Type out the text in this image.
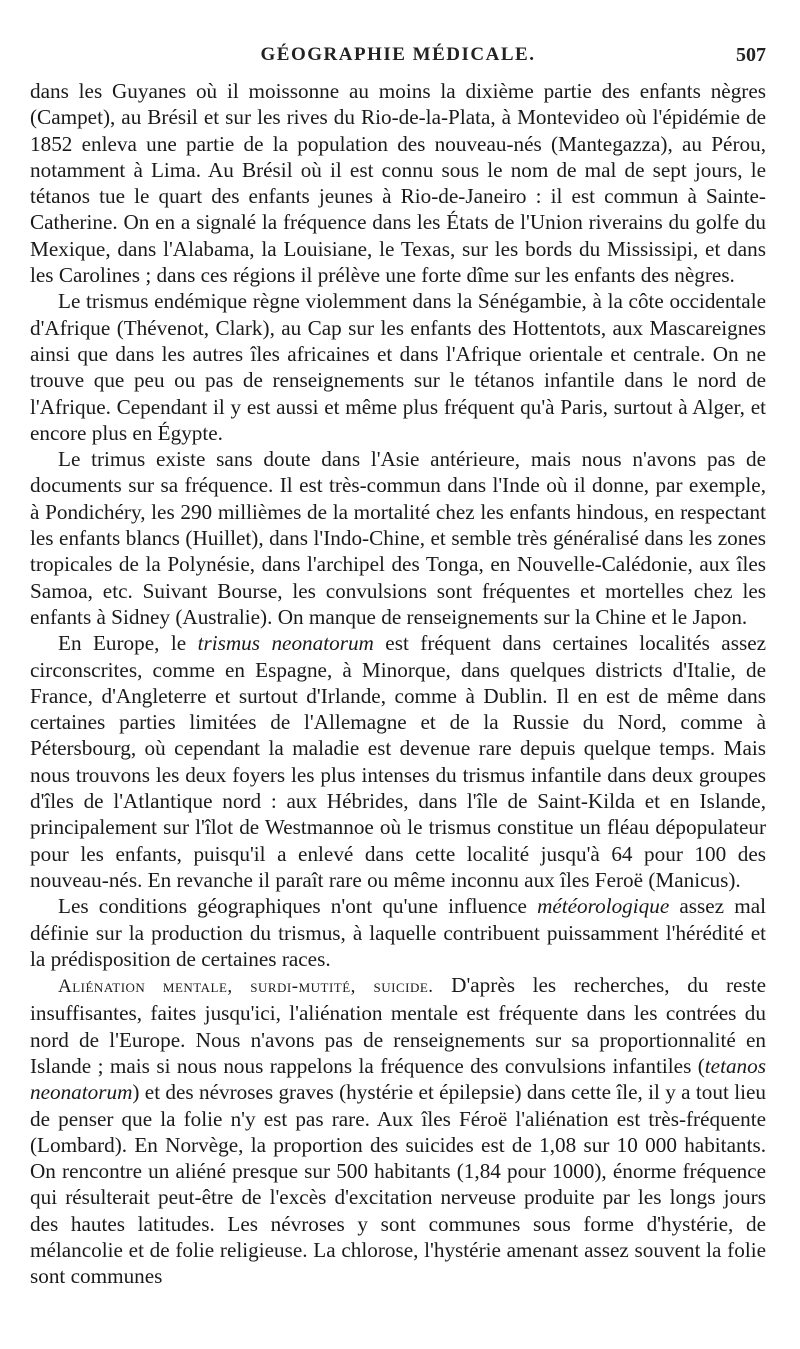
GÉOGRAPHIE MÉDICALE.	507

dans les Guyanes où il moissonne au moins la dixième partie des enfants nègres (Campet), au Brésil et sur les rives du Rio-de-la-Plata, à Montevideo où l'épidémie de 1852 enleva une partie de la population des nouveau-nés (Mantegazza), au Pérou, notamment à Lima. Au Brésil où il est connu sous le nom de mal de sept jours, le tétanos tue le quart des enfants jeunes à Rio-de-Janeiro : il est commun à Sainte-Catherine. On en a signalé la fréquence dans les États de l'Union riverains du golfe du Mexique, dans l'Alabama, la Louisiane, le Texas, sur les bords du Mississipi, et dans les Carolines ; dans ces régions il prélève une forte dîme sur les enfants des nègres.

Le trismus endémique règne violemment dans la Sénégambie, à la côte occidentale d'Afrique (Thévenot, Clark), au Cap sur les enfants des Hottentots, aux Mascareignes ainsi que dans les autres îles africaines et dans l'Afrique orientale et centrale. On ne trouve que peu ou pas de renseignements sur le tétanos infantile dans le nord de l'Afrique. Cependant il y est aussi et même plus fréquent qu'à Paris, surtout à Alger, et encore plus en Égypte.

Le trimus existe sans doute dans l'Asie antérieure, mais nous n'avons pas de documents sur sa fréquence. Il est très-commun dans l'Inde où il donne, par exemple, à Pondichéry, les 290 millièmes de la mortalité chez les enfants hindous, en respectant les enfants blancs (Huillet), dans l'Indo-Chine, et semble très généralisé dans les zones tropicales de la Polynésie, dans l'archipel des Tonga, en Nouvelle-Calédonie, aux îles Samoa, etc. Suivant Bourse, les convulsions sont fréquentes et mortelles chez les enfants à Sidney (Australie). On manque de renseignements sur la Chine et le Japon.

En Europe, le trismus neonatorum est fréquent dans certaines localités assez circonscrites, comme en Espagne, à Minorque, dans quelques districts d'Italie, de France, d'Angleterre et surtout d'Irlande, comme à Dublin. Il en est de même dans certaines parties limitées de l'Allemagne et de la Russie du Nord, comme à Pétersbourg, où cependant la maladie est devenue rare depuis quelque temps. Mais nous trouvons les deux foyers les plus intenses du trismus infantile dans deux groupes d'îles de l'Atlantique nord : aux Hébrides, dans l'île de Saint-Kilda et en Islande, principalement sur l'îlot de Westmannoe où le trismus constitue un fléau dépopulateur pour les enfants, puisqu'il a enlevé dans cette localité jusqu'à 64 pour 100 des nouveau-nés. En revanche il paraît rare ou même inconnu aux îles Feroë (Manicus).

Les conditions géographiques n'ont qu'une influence météorologique assez mal définie sur la production du trismus, à laquelle contribuent puissamment l'hérédité et la prédisposition de certaines races.

Aliénation mentale, surdi-mutité, suicide. D'après les recherches, du reste insuffisantes, faites jusqu'ici, l'aliénation mentale est fréquente dans les contrées du nord de l'Europe. Nous n'avons pas de renseignements sur sa proportionnalité en Islande ; mais si nous nous rappelons la fréquence des convulsions infantiles (tetanos neonatorum) et des névroses graves (hystérie et épilepsie) dans cette île, il y a tout lieu de penser que la folie n'y est pas rare. Aux îles Féroë l'aliénation est très-fréquente (Lombard). En Norvège, la proportion des suicides est de 1,08 sur 10 000 habitants. On rencontre un aliéné presque sur 500 habitants (1,84 pour 1000), énorme fréquence qui résulterait peut-être de l'excès d'excitation nerveuse produite par les longs jours des hautes latitudes. Les névroses y sont communes sous forme d'hystérie, de mélancolie et de folie religieuse. La chlorose, l'hystérie amenant assez souvent la folie sont communes
